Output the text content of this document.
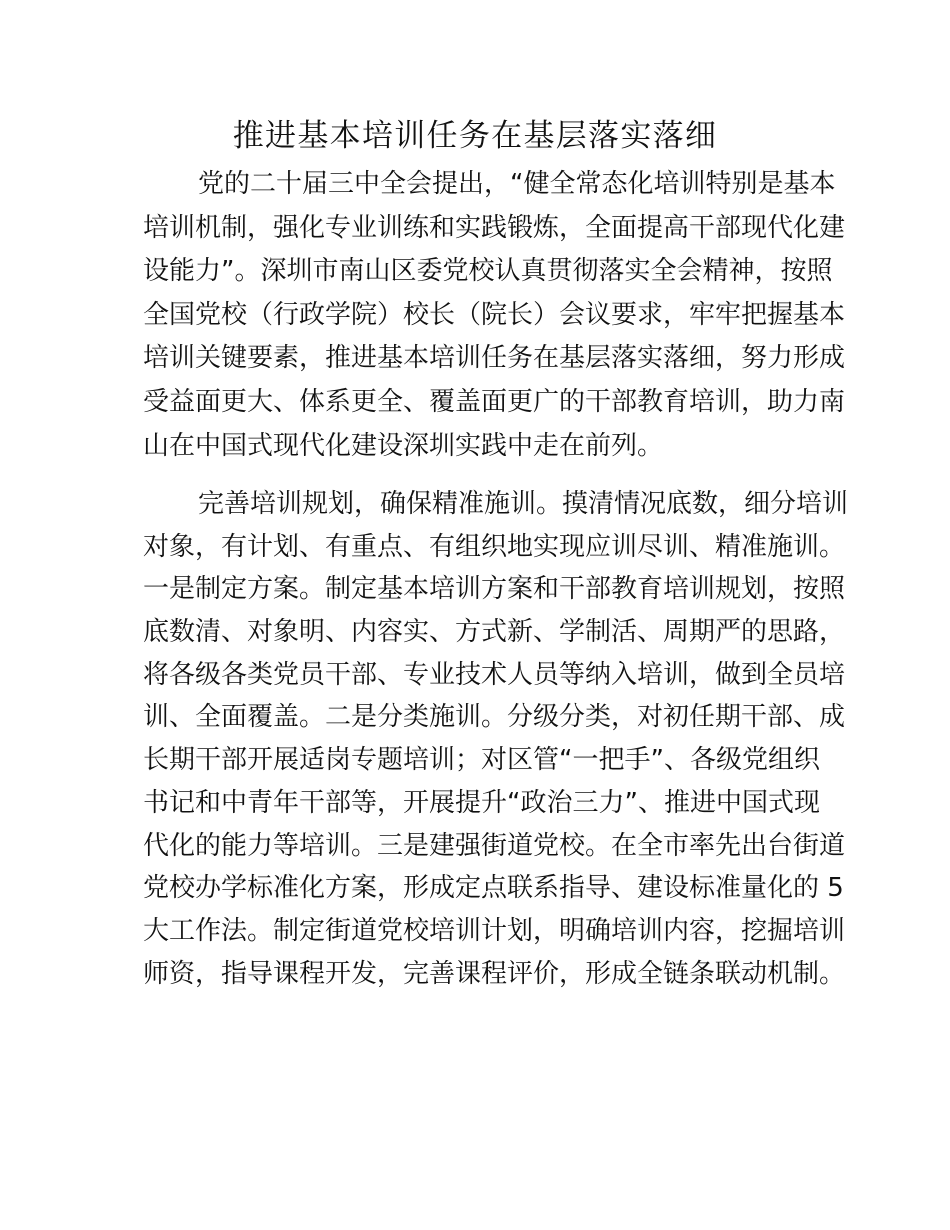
推进基本培训任务在基层落实落细
党的二十届三中全会提出，“健全常态化培训特别是基本
培训机制，强化专业训练和实践锻炼，全面提高干部现代化建
设能力”。深圳市南山区委党校认真贯彻落实全会精神，按照
全国党校（行政学院）校长（院长）会议要求，牢牢把握基本
培训关键要素，推进基本培训任务在基层落实落细，努力形成
受益面更大、体系更全、覆盖面更广的干部教育培训，助力南
山在中国式现代化建设深圳实践中走在前列。
完善培训规划，确保精准施训。摸清情况底数，细分培训
对象，有计划、有重点、有组织地实现应训尽训、精准施训。
一是制定方案。制定基本培训方案和干部教育培训规划，按照
底数清、对象明、内容实、方式新、学制活、周期严的思路，
将各级各类党员干部、专业技术人员等纳入培训，做到全员培
训、全面覆盖。二是分类施训。分级分类，对初任期干部、成
长期干部开展适岗专题培训；对区管“一把手”、各级党组织
书记和中青年干部等，开展提升“政治三力”、推进中国式现
代化的能力等培训。三是建强街道党校。在全市率先出台街道
党校办学标准化方案，形成定点联系指导、建设标准量化的 5
大工作法。制定街道党校培训计划，明确培训内容，挖掘培训
师资，指导课程开发，完善课程评价，形成全链条联动机制。
